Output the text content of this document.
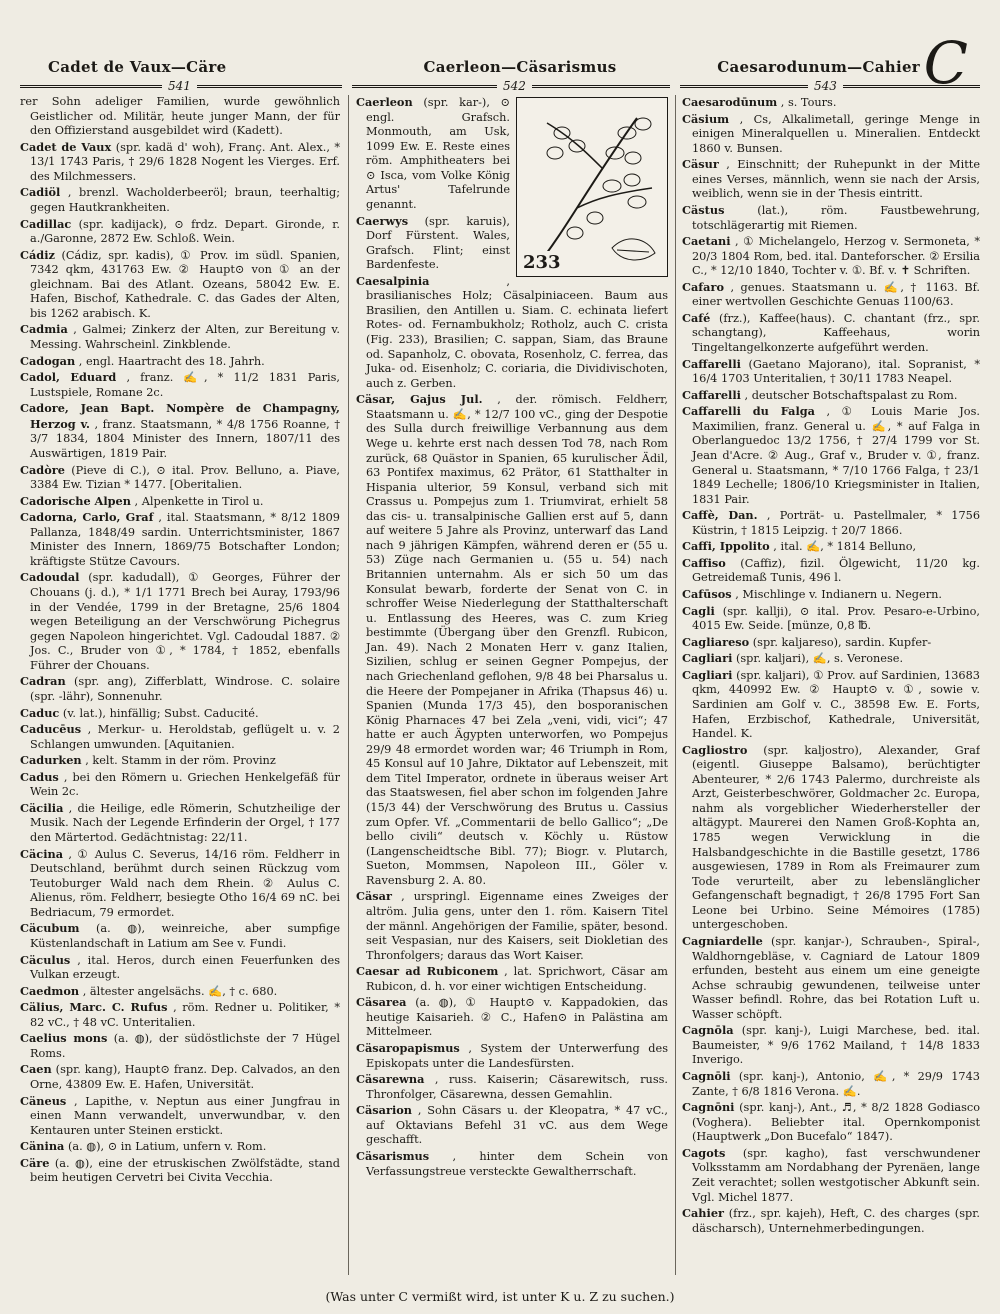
Cadet de Vaux—Cäre	Caerleon—Cäsarismus	Caesarodunum—Cahier C
541	542	543

rer Sohn adeliger Familien, wurde gewöhnlich Geistlicher od. Militär, heute junger Mann, der für den Offizierstand ausgebildet wird (Kadett).

Cadet de Vaux (spr. kadä d' woh), Franç. Ant. Alex., * 13/1 1743 Paris, † 29/6 1828 Nogent les Vierges. Erf. des Milchmessers.

Cadiöl , brenzl. Wacholderbeeröl; braun, teerhaltig; gegen Hautkrankheiten.

Cadillac (spr. kadijack), ⊙ frdz. Depart. Gironde, r. a./Garonne, 2872 Ew. Schloß. Wein.

Cádiz (Cádiz, spr. kadis), ① Prov. im südl. Spanien, 7342 qkm, 431763 Ew. ② Haupt⊙ von ① an der gleichnam. Bai des Atlant. Ozeans, 58042 Ew. E. Hafen, Bischof, Kathedrale. C. das Gades der Alten, bis 1262 arabisch. K.

Cadmia , Galmei; Zinkerz der Alten, zur Bereitung v. Messing. Wahrscheinl. Zinkblende.

Cadogan , engl. Haartracht des 18. Jahrh.

Cadol, Eduard , franz. ✍, * 11/2 1831 Paris, Lustspiele, Romane 2c.

Cadore, Jean Bapt. Nompère de Champagny, Herzog v. , franz. Staatsmann, * 4/8 1756 Roanne, † 3/7 1834, 1804 Minister des Innern, 1807/11 des Auswärtigen, 1819 Pair.

Cadòre (Pieve di C.), ⊙ ital. Prov. Belluno, a. Piave, 3384 Ew. Tizian * 1477. [Oberitalien.

Cadorische Alpen , Alpenkette in Tirol u.

Cadorna, Carlo, Graf , ital. Staatsmann, * 8/12 1809 Pallanza, 1848/49 sardin. Unterrichtsminister, 1867 Minister des Innern, 1869/75 Botschafter London; kräftigste Stütze Cavours.

Cadoudal (spr. kadudall), ① Georges, Führer der Chouans (j. d.), * 1/1 1771 Brech bei Auray, 1793/96 in der Vendée, 1799 in der Bretagne, 25/6 1804 wegen Beteiligung an der Verschwörung Pichegrus gegen Napoleon hingerichtet. Vgl. Cadoudal 1887. ② Jos. C., Bruder von ①, * 1784, † 1852, ebenfalls Führer der Chouans.

Cadran (spr. ang), Zifferblatt, Windrose. C. solaire (spr. -lähr), Sonnenuhr.

Caduc (v. lat.), hinfällig; Subst. Caducité.

Caducēus , Merkur- u. Heroldstab, geflügelt u. v. 2 Schlangen umwunden. [Aquitanien.

Cadurken , kelt. Stamm in der röm. Provinz

Cadus , bei den Römern u. Griechen Henkelgefäß für Wein 2c.

Cäcilia , die Heilige, edle Römerin, Schutzheilige der Musik. Nach der Legende Erfinderin der Orgel, † 177 den Märtertod. Gedächtnistag: 22/11.

Cäcina , ① Aulus C. Severus, 14/16 röm. Feldherr in Deutschland, berühmt durch seinen Rückzug vom Teutoburger Wald nach dem Rhein. ② Aulus C. Alienus, röm. Feldherr, besiegte Otho 16/4 69 nC. bei Bedriacum, 79 ermordet.

Cäcubum (a. ◍), weinreiche, aber sumpfige Küstenlandschaft in Latium am See v. Fundi.

Cäculus , ital. Heros, durch einen Feuerfunken des Vulkan erzeugt.

Caedmon , ältester angelsächs. ✍, † c. 680.

Cälius, Marc. C. Rufus , röm. Redner u. Politiker, * 82 vC., † 48 vC. Unteritalien.

Caelius mons (a. ◍), der südöstlichste der 7 Hügel Roms.

Caen (spr. kang), Haupt⊙ franz. Dep. Calvados, an den Orne, 43809 Ew. E. Hafen, Universität.

Cäneus , Lapithe, v. Neptun aus einer Jungfrau in einen Mann verwandelt, unverwundbar, v. den Kentauren unter Steinen erstickt.

Cänina (a. ◍), ⊙ in Latium, unfern v. Rom.

Cäre (a. ◍), eine der etruskischen Zwölfstädte, stand beim heutigen Cervetri bei Civita Vecchia.

233

Caerleon (spr. kar-), ⊙ engl. Grafsch. Monmouth, am Usk, 1099 Ew. E. Reste eines röm. Amphitheaters bei ⊙ Isca, vom Volke König Artus' Tafelrunde genannt.

Caerwys (spr. karuis), Dorf Fürstent. Wales, Grafsch. Flint; einst Bardenfeste.

Caesalpinia	, brasilianisches Holz; Cäsalpiniaceen. Baum aus Brasilien, den Antillen u. Siam. C. echinata liefert Rotes- od. Fernambukholz; Rotholz, auch C. crista (Fig. 233), Brasilien; C. sappan, Siam, das Braune od. Sapanholz, C. obovata, Rosenholz, C. ferrea, das Juka- od. Eisenholz; C. coriaria, die Dividivischoten, auch z. Gerben.

Cäsar, Gajus Jul. , der. römisch. Feldherr, Staatsmann u. ✍, * 12/7 100 vC., ging der Despotie des Sulla durch freiwillige Verbannung aus dem Wege u. kehrte erst nach dessen Tod 78, nach Rom zurück, 68 Quästor in Spanien, 65 kurulischer Ädil, 63 Pontifex maximus, 62 Prätor, 61 Statthalter in Hispania ulterior, 59 Konsul, verband sich mit Crassus u. Pompejus zum 1. Triumvirat, erhielt 58 das cis- u. transalpinische Gallien erst auf 5, dann auf weitere 5 Jahre als Provinz, unterwarf das Land nach 9 jährigen Kämpfen, während deren er (55 u. 53) Züge nach Germanien u. (55 u. 54) nach Britannien unternahm. Als er sich 50 um das Konsulat bewarb, forderte der Senat von C. in schroffer Weise Niederlegung der Statthalterschaft u. Entlassung des Heeres, was C. zum Krieg bestimmte (Übergang über den Grenzfl. Rubicon, Jan. 49). Nach 2 Monaten Herr v. ganz Italien, Sizilien, schlug er seinen Gegner Pompejus, der nach Griechenland geflohen, 9/8 48 bei Pharsalus u. die Heere der Pompejaner in Afrika (Thapsus 46) u. Spanien (Munda 17/3 45), den bosporanischen König Pharnaces 47 bei Zela „veni, vidi, vici“; 47 hatte er auch Ägypten unterworfen, wo Pompejus 29/9 48 ermordet worden war; 46 Triumph in Rom, 45 Konsul auf 10 Jahre, Diktator auf Lebenszeit, mit dem Titel Imperator, ordnete in überaus weiser Art das Staatswesen, fiel aber schon im folgenden Jahre (15/3 44) der Verschwörung des Brutus u. Cassius zum Opfer. Vf. „Commentarii de bello Gallico“; „De bello civili“ deutsch v. Köchly u. Rüstow (Langenscheidtsche Bibl. 77); Biogr. v. Plutarch, Sueton, Mommsen, Napoleon III., Göler v. Ravensburg 2. A. 80.

Cäsar , urspringl. Eigenname eines Zweiges der altröm. Julia gens, unter den 1. röm. Kaisern Titel der männl. Angehörigen der Familie, später, besond. seit Vespasian, nur des Kaisers, seit Diokletian des Thronfolgers; daraus das Wort Kaiser.

Caesar ad Rubiconem , lat. Sprichwort, Cäsar am Rubicon, d. h. vor einer wichtigen Entscheidung.

Cäsarea (a. ◍), ① Haupt⊙ v. Kappadokien, das heutige Kaisarieh. ② C., Hafen⊙ in Palästina am Mittelmeer.

Cäsaropapismus , System der Unterwerfung des Episkopats unter die Landesfürsten.

Cäsarewna , russ. Kaiserin; Cäsarewitsch, russ. Thronfolger, Cäsarewna, dessen Gemahlin.

Cäsarion , Sohn Cäsars u. der Kleopatra, * 47 vC., auf Oktavians Befehl 31 vC. aus dem Wege geschafft.

Cäsarismus , hinter dem Schein von Verfassungstreue versteckte Gewaltherrschaft.

Caesarodūnum , s. Tours.

Cäsium , Cs, Alkalimetall, geringe Menge in einigen Mineralquellen u. Mineralien. Entdeckt 1860 v. Bunsen.

Cäsur , Einschnitt; der Ruhepunkt in der Mitte eines Verses, männlich, wenn sie nach der Arsis, weiblich, wenn sie in der Thesis eintritt.

Cästus	(lat.), röm. Faustbewehrung, totschlägerartig mit Riemen.

Caetani , ① Michelangelo, Herzog v. Sermoneta, * 20/3 1804 Rom, bed. ital. Danteforscher. ② Ersilia C., * 12/10 1840, Tochter v. ①. Bf. v. ✝ Schriften.

Cafaro , genues. Staatsmann u. ✍, † 1163. Bf. einer wertvollen Geschichte Genuas 1100/63.

Café (frz.), Kaffee(haus). C. chantant (frz., spr. schangtang), Kaffeehaus, worin Tingeltangelkonzerte aufgeführt werden.

Caffarelli (Gaetano Majorano), ital. Sopranist, * 16/4 1703 Unteritalien, † 30/11 1783 Neapel.

Caffarelli , deutscher Botschaftspalast zu Rom.

Caffarelli du Falga , ① Louis Marie Jos. Maximilien, franz. General u. ✍, * auf Falga in Oberlanguedoc 13/2 1756, † 27/4 1799 vor St. Jean d'Acre. ② Aug., Graf v., Bruder v. ①, franz. General u. Staatsmann, * 7/10 1766 Falga, † 23/1 1849 Lechelle; 1806/10 Kriegsminister in Italien, 1831 Pair.

Caffè, Dan. , Porträt- u. Pastellmaler, * 1756 Küstrin, † 1815 Leipzig. † 20/7 1866.

Caffi, Ippolito , ital. ✍, * 1814 Belluno,

Caffiso (Caffiz), fizil. Ölgewicht, 11/20 kg. Getreidemaß Tunis, 496 l.

Cafūsos , Mischlinge v. Indianern u. Negern.

Cagli (spr. kallji), ⊙ ital. Prov. Pesaro-e-Urbino, 4015 Ew. Seide. [münze, 0,8 ℔.

Cagliareso (spr. kaljareso), sardin. Kupfer-

Cagliari (spr. kaljari), ✍, s. Veronese.

Cagliari (spr. kaljari), ① Prov. auf Sardinien, 13683 qkm, 440992 Ew. ② Haupt⊙ v. ①, sowie v. Sardinien am Golf v. C., 38598 Ew. E. Forts, Hafen, Erzbischof, Kathedrale, Universität, Handel. K.

Cagliostro (spr. kaljostro), Alexander, Graf (eigentl. Giuseppe Balsamo), berüchtigter Abenteurer, * 2/6 1743 Palermo, durchreiste als Arzt, Geisterbeschwörer, Goldmacher 2c. Europa, nahm als vorgeblicher Wiederhersteller der altägypt. Maurerei den Namen Groß-Kophta an, 1785 wegen Verwicklung in die Halsbandgeschichte in die Bastille gesetzt, 1786 ausgewiesen, 1789 in Rom als Freimaurer zum Tode verurteilt, aber zu lebenslänglicher Gefangenschaft begnadigt, † 26/8 1795 Fort San Leone bei Urbino. Seine Mémoires (1785) untergeschoben.

Cagniardelle (spr. kanjar-), Schrauben-, Spiral-, Waldhorngebläse, v. Cagniard de Latour 1809 erfunden, besteht aus einem um eine geneigte Achse schraubig gewundenen, teilweise unter Wasser befindl. Rohre, das bei Rotation Luft u. Wasser schöpft.

Cagnōla (spr. kanj-), Luigi Marchese, bed. ital. Baumeister, * 9/6 1762 Mailand, † 14/8 1833 Inverigo.

Cagnōli (spr. kanj-), Antonio, ✍, * 29/9 1743 Zante, † 6/8 1816 Verona. ✍.

Cagnōni (spr. kanj-), Ant., ♬, * 8/2 1828 Godiasco (Voghera). Beliebter ital. Opernkomponist (Hauptwerk „Don Bucefalo“ 1847).

Cagots (spr. kagho), fast verschwundener Volksstamm am Nordabhang der Pyrenäen, lange Zeit verachtet; sollen westgotischer Abkunft sein. Vgl. Michel 1877.

Cahier (frz., spr. kajeh), Heft, C. des charges (spr. däscharsch), Unternehmerbedingungen.

(Was unter C vermißt wird, ist unter K u. Z zu suchen.)
